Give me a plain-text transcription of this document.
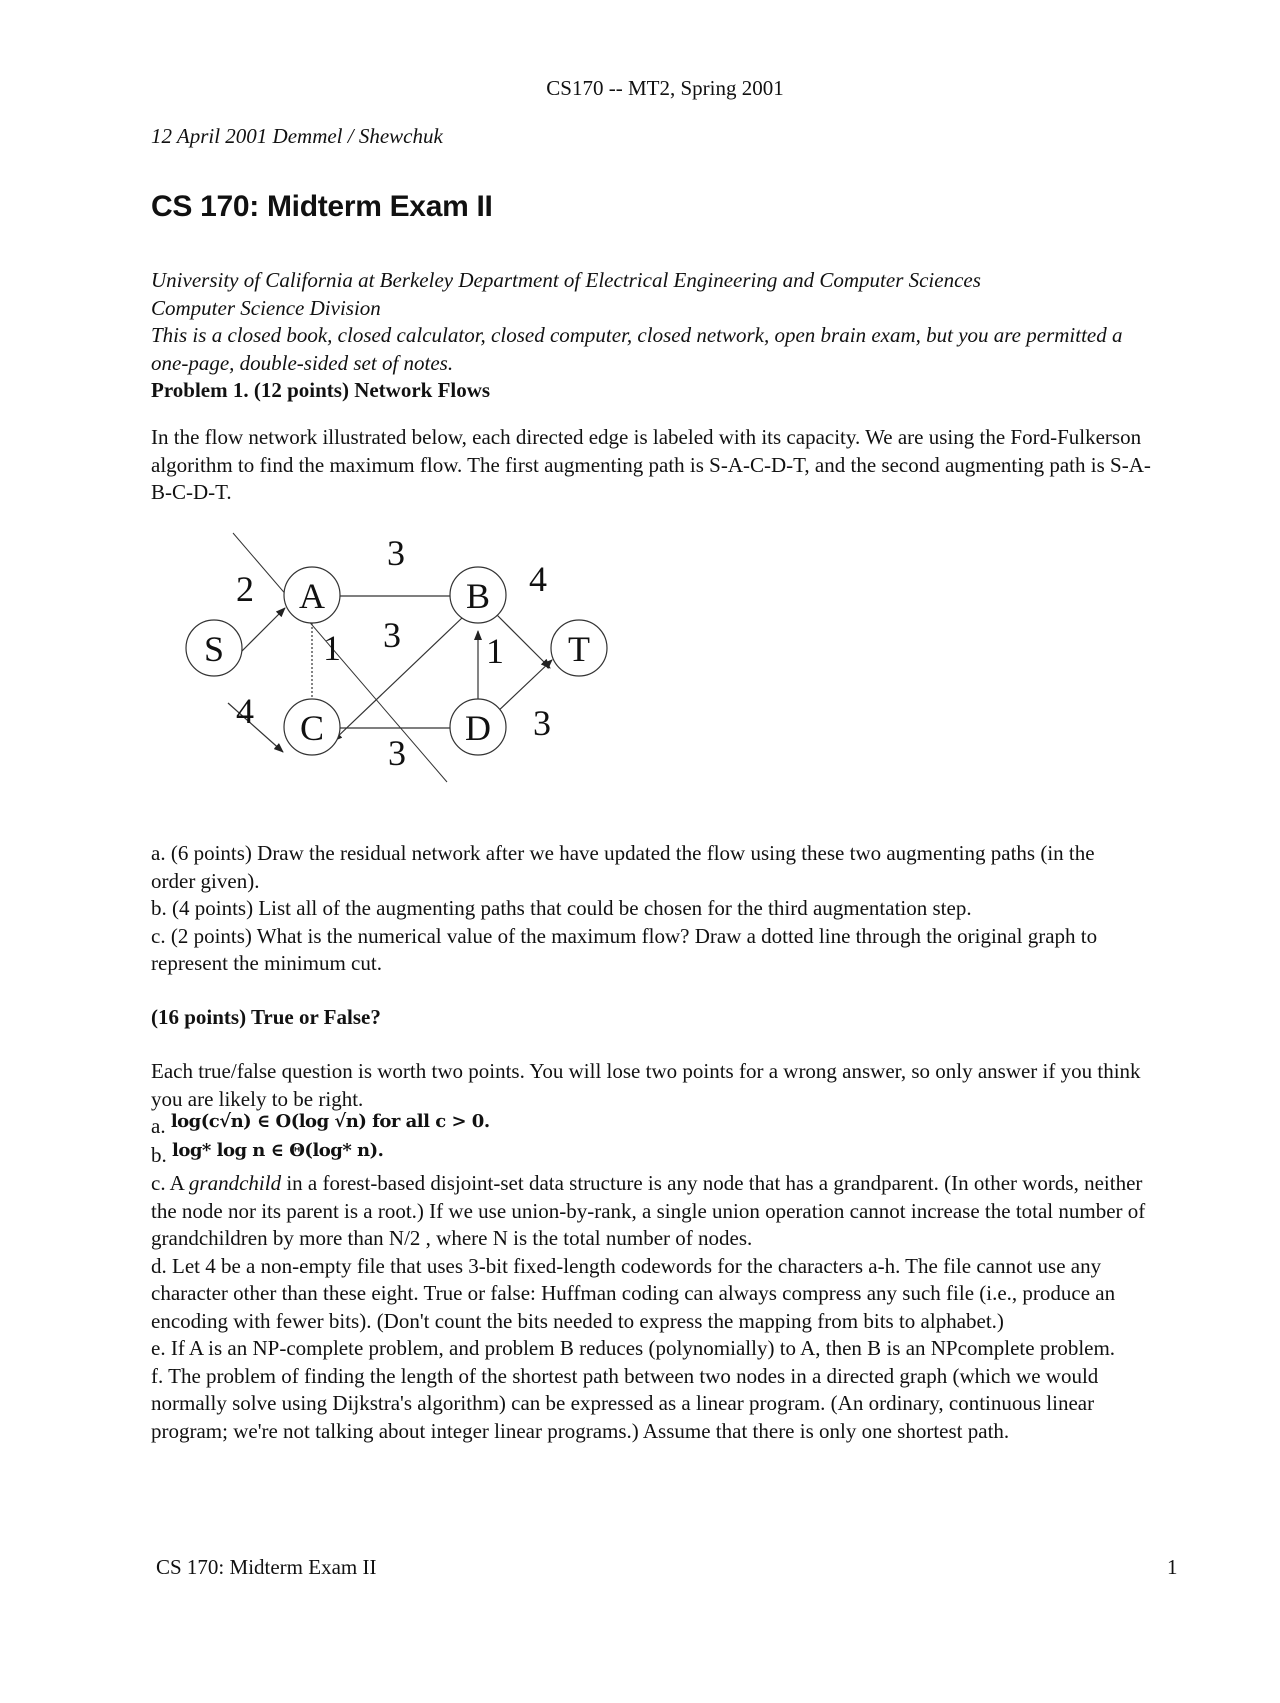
CS170 -- MT2, Spring 2001
12 April 2001 Demmel / Shewchuk
CS 170: Midterm Exam II

University of California at Berkeley Department of Electrical Engineering and Computer Sciences

Computer Science Division

This is a closed book, closed calculator, closed computer, closed network, open brain exam, but you are permitted a one-page, double-sided set of notes.

Problem 1. (12 points) Network Flows

In the flow network illustrated below, each directed edge is labeled with its capacity. We are using the Ford-Fulkerson algorithm to find the maximum flow. The first augmenting path is S-A-C-D-T, and the second augmenting path is S-A-B-C-D-T.
S
A	B
C	D
T
2
4
3
1 3
4
1
3
3

a. (6 points) Draw the residual network after we have updated the flow using these two augmenting paths (in the order given).

b. (4 points) List all of the augmenting paths that could be chosen for the third augmentation step.

c. (2 points) What is the numerical value of the maximum flow? Draw a dotted line through the original graph to represent the minimum cut.

(16 points) True or False?

Each true/false question is worth two points. You will lose two points for a wrong answer, so only answer if you think you are likely to be right.

a. log(c√n) ∈ O(log √n) for all c > 0.

b. log* log n ∈ Θ(log* n).

c. A grandchild in a forest-based disjoint-set data structure is any node that has a grandparent. (In other words, neither the node nor its parent is a root.) If we use union-by-rank, a single union operation cannot increase the total number of grandchildren by more than N/2 , where N is the total number of nodes.

d. Let 4 be a non-empty file that uses 3-bit fixed-length codewords for the characters a-h. The file cannot use any character other than these eight. True or false: Huffman coding can always compress any such file (i.e., produce an encoding with fewer bits). (Don't count the bits needed to express the mapping from bits to alphabet.)

e. If A is an NP-complete problem, and problem B reduces (polynomially) to A, then B is an NPcomplete problem.

f. The problem of finding the length of the shortest path between two nodes in a directed graph (which we would normally solve using Dijkstra's algorithm) can be expressed as a linear program. (An ordinary, continuous linear program; we're not talking about integer linear programs.) Assume that there is only one shortest path.

CS 170: Midterm Exam II	1
